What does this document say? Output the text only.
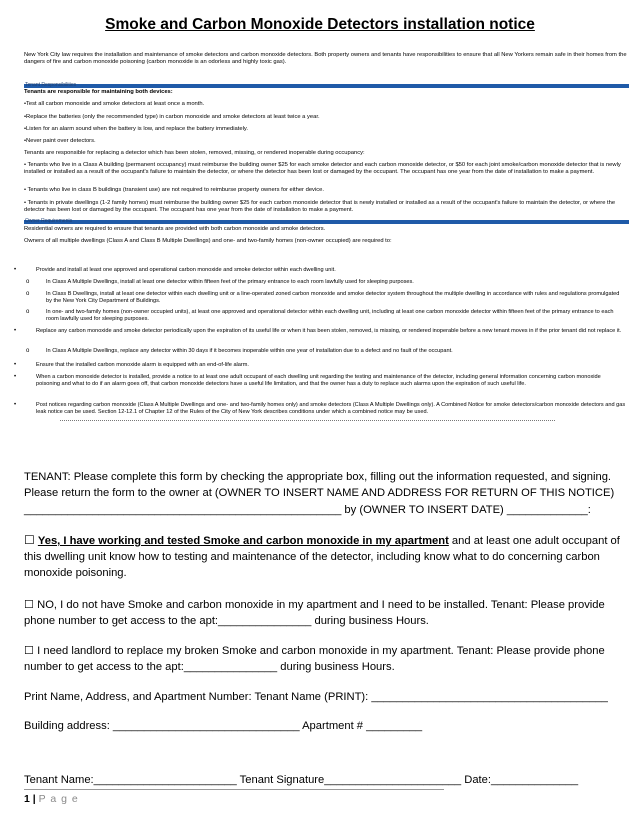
Smoke and Carbon Monoxide Detectors installation notice
New York City law requires the installation and maintenance of smoke detectors and carbon monoxide detectors. Both property owners and tenants have responsibilities to ensure that all New Yorkers remain safe in their homes from the dangers of fire and carbon monoxide poisoning (carbon monoxide is an odorless and highly toxic gas).
Tenant Responsibilities
Tenants are responsible for maintaining both devices:
•Test all carbon monoxide and smoke detectors at least once a month.
•Replace the batteries (only the recommended type) in carbon monoxide and smoke detectors at least twice a year.
•Listen for an alarm sound when the battery is low, and replace the battery immediately.
•Never paint over detectors.
Tenants are responsible for replacing a detector which has been stolen, removed, missing, or rendered inoperable during occupancy:
• Tenants who live in a Class A building (permanent occupancy) must reimburse the building owner $25 for each smoke detector and each carbon monoxide detector, or $50 for each joint smoke/carbon monoxide detector that is newly installed or installed as a result of the occupant's failure to maintain the detector, or where the detector has been lost or damaged by the occupant. The occupant has one year from the date of installation to make a payment.
• Tenants who live in class B buildings (transient use) are not required to reimburse property owners for either device.
• Tenants in private dwellings (1-2 family homes) must reimburse the building owner $25 for each carbon monoxide detector that is newly installed or installed as a result of the occupant's failure to maintain the detector, or where the detector has been lost or damaged by the occupant. The occupant has one year from the date of installation to make a payment.
Owner Requirements
Residential owners are required to ensure that tenants are provided with both carbon monoxide and smoke detectors.
Owners of all multiple dwellings (Class A and Class B Multiple Dwellings) and one- and two-family homes (non-owner occupied) are required to:
•	Provide and install at least one approved and operational carbon monoxide and smoke detector within each dwelling unit.
o	In Class A Multiple Dwellings, install at least one detector within fifteen feet of the primary entrance to each room lawfully used for sleeping purposes.
o	In Class B Dwellings, install at least one detector within each dwelling unit or a line-operated zoned carbon monoxide and smoke detector system throughout the multiple dwelling in accordance with rules and regulations promulgated by the New York City Department of Buildings.
o	In one- and two-family homes (non-owner occupied units), at least one approved and operational detector within each dwelling unit, including at least one carbon monoxide detector within fifteen feet of the primary entrance to each room lawfully used for sleeping purposes.
•	Replace any carbon monoxide and smoke detector periodically upon the expiration of its useful life or when it has been stolen, removed, is missing, or rendered inoperable before a new tenant moves in if the prior tenant did not replace it.
o	In Class A Multiple Dwellings, replace any detector within 30 days if it becomes inoperable within one year of installation due to a defect and no fault of the occupant.
•	Ensure that the installed carbon monoxide alarm is equipped with an end-of-life alarm.
•	When a carbon monoxide detector is installed, provide a notice to at least one adult occupant of each dwelling unit regarding the testing and maintenance of the detector, including general information concerning carbon monoxide poisoning and what to do if an alarm goes off, that carbon monoxide detectors have a useful life limitation, and that the owner has a duty to replace such alarms upon the expiration of such useful life.
•	Post notices regarding carbon monoxide (Class A Multiple Dwellings and one- and two-family homes only) and smoke detectors (Class A Multiple Dwellings only). A Combined Notice for smoke detectors/carbon monoxide detectors and gas leak notice can be used. Section 12-12.1 of Chapter 12 of the Rules of the City of New York describes conditions under which a combined notice may be used.
TENANT: Please complete this form by checking the appropriate box, filling out the information requested, and signing. Please return the form to the owner at (OWNER TO INSERT NAME AND ADDRESS FOR RETURN OF THIS NOTICE)
___________________________________________________ by (OWNER TO INSERT DATE) _____________:
☐ Yes, I have working and tested Smoke and carbon monoxide in my apartment and at least one adult occupant of this dwelling unit know how to testing and maintenance of the detector, including know what to do concerning carbon monoxide poisoning.
☐ NO, I do not have Smoke and carbon monoxide in my apartment and I need to be installed. Tenant: Please provide phone number to get access to the apt:_______________ during business Hours.
☐ I need landlord to replace my broken Smoke and carbon monoxide in my apartment. Tenant: Please provide phone number to get access to the apt:_______________ during business Hours.
Print Name, Address, and Apartment Number: Tenant Name (PRINT): ______________________________________
Building address: ______________________________ Apartment # _________
Tenant Name:_______________________ Tenant Signature______________________ Date:______________
1 | P a g e
